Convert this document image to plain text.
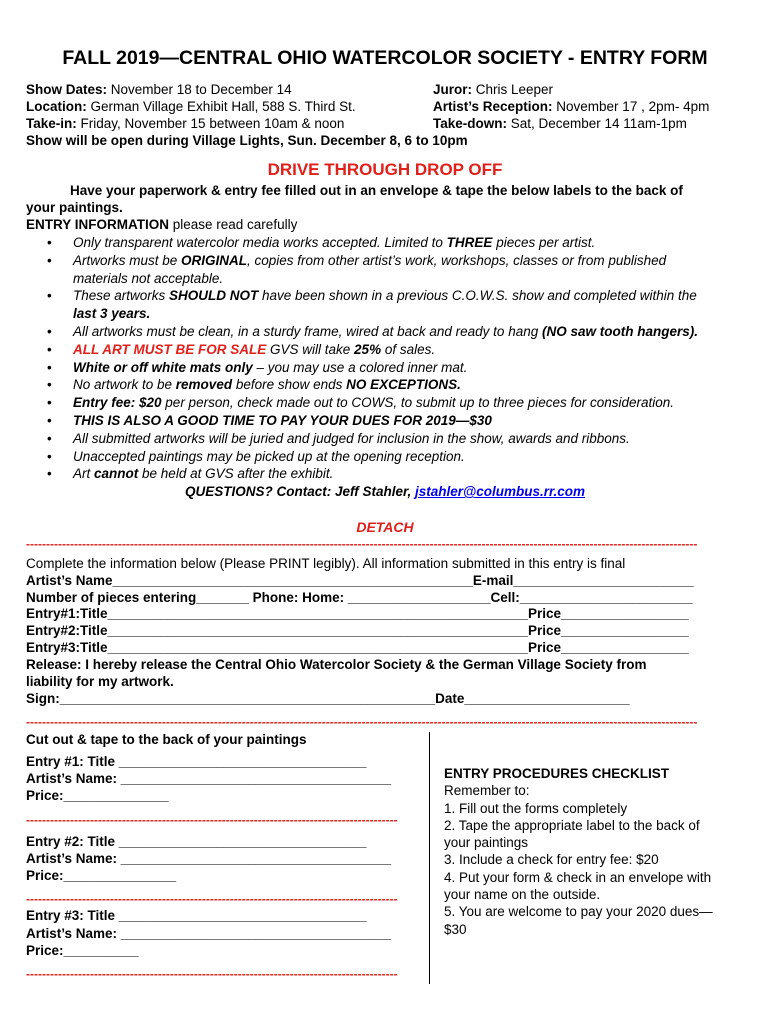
FALL 2019—CENTRAL OHIO WATERCOLOR SOCIETY - ENTRY FORM
Show Dates: November 18 to December 14	Juror: Chris Leeper
Location: German Village Exhibit Hall, 588 S. Third St.	Artist’s Reception: November 17 , 2pm- 4pm
Take-in: Friday, November 15 between 10am & noon	Take-down: Sat, December 14 11am-1pm
Show will be open during Village Lights, Sun. December 8, 6 to 10pm
DRIVE THROUGH DROP OFF
Have your paperwork & entry fee filled out in an envelope & tape the below labels to the back of
your paintings.
ENTRY INFORMATION please read carefully
• Only transparent watercolor media works accepted. Limited to THREE pieces per artist.
• Artworks must be ORIGINAL, copies from other artist’s work, workshops, classes or from published
materials not acceptable.
• These artworks SHOULD NOT have been shown in a previous C.O.W.S. show and completed within the
last 3 years.
• All artworks must be clean, in a sturdy frame, wired at back and ready to hang (NO saw tooth hangers).
• ALL ART MUST BE FOR SALE GVS will take 25% of sales.
• White or off white mats only – you may use a colored inner mat.
• No artwork to be removed before show ends NO EXCEPTIONS.
• Entry fee: $20 per person, check made out to COWS, to submit up to three pieces for consideration.
• THIS IS ALSO A GOOD TIME TO PAY YOUR DUES FOR 2019—$30
• All submitted artworks will be juried and judged for inclusion in the show, awards and ribbons.
• Unaccepted paintings may be picked up at the opening reception.
• Art cannot be held at GVS after the exhibit.
QUESTIONS? Contact: Jeff Stahler, jstahler@columbus.rr.com
DETACH
------------------------------------------------------------------------------------------------------------------------------------------------------------------------
Complete the information below (Please PRINT legibly). All information submitted in this entry is final
Artist’s Name________________________________________________E-mail________________________
Number of pieces entering_______ Phone: Home: ___________________Cell:_______________________
Entry#1:Title________________________________________________________Price_________________
Entry#2:Title________________________________________________________Price_________________
Entry#3:Title________________________________________________________Price_________________
Release: I hereby release the Central Ohio Watercolor Society & the German Village Society from
liability for my artwork.
Sign:__________________________________________________Date______________________
------------------------------------------------------------------------------------------------------------------------------------------------------------------------
Cut out & tape to the back of your paintings
Entry #1: Title _________________________________
Artist’s Name: ____________________________________
Price:______________
---------------------------------------------------------------------------------------------
Entry #2: Title _________________________________
Artist’s Name: ____________________________________
Price:_______________
---------------------------------------------------------------------------------------------
Entry #3: Title _________________________________
Artist’s Name: ____________________________________
Price:__________
---------------------------------------------------------------------------------------------
ENTRY PROCEDURES CHECKLIST
Remember to:
1. Fill out the forms completely
2. Tape the appropriate label to the back of
your paintings
3. Include a check for entry fee: $20
4. Put your form & check in an envelope with
your name on the outside.
5. You are welcome to pay your 2020 dues—
$30
